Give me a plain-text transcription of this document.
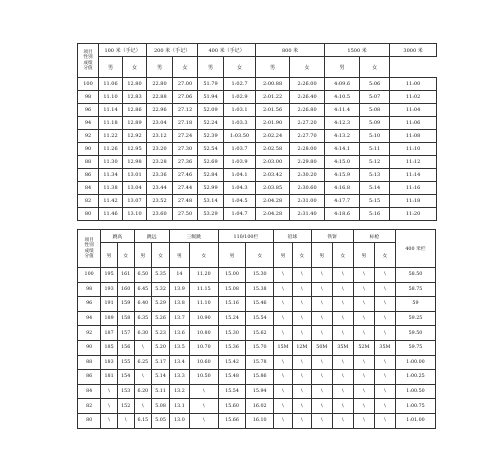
项目
性别
成绩
分值	100 米（手记）		200 米（手记）		400 米（手记）		800 米		1500 米		3000 米
	男	女	男	女	男	女	男	女	男	女	
100	11.06	12.80	22.80	27.00	51.79	1:02.7	2:00.88	2:26.00	4:09.6	5:06	11:00
98	11.10	12.83	22.88	27.06	51.94	1:02.9	2:01.22	2:26.40	4:10.5	5:07	11:02
96	11.14	12.86	22.96	27.12	52.09	1:03.1	2:01.56	2:26.80	4:11.4	5:08	11:04
94	11.18	12.89	23.04	27.18	52.24	1:03.3	2:01.90	2:27.20	4:12.3	5:09	11:06
92	11.22	12.92	23.12	27.24	52.39	1:03.50	2:02.24	2:27.70	4:13.2	5:10	11:08
90	11.26	12.95	23.20	27.30	52.54	1:03.7	2:02.58	2:28.00	4:14.1	5:11	11:10
88	11.30	12.98	23.28	27.36	52.69	1:03.9	2:03.00	2:29.80	4:15.0	5:12	11:12
86	11.34	13.01	23.36	27.46	52.84	1:04.1	2:03.42	2:30.20	4:15.9	5:13	11:14
84	11.38	13.04	23.44	27.44	52.99	1:04.3	2:03.85	2:30.60	4:16.8	5:14	11:16
82	11.42	13.07	23.52	27.48	53.14	1:04.5	2:04.28	2:31.00	4:17.7	5:15	11:18
80	11.46	13.10	23.60	27.50	53.29	1:04.7	2:04.28	2:31.40	4:18.6	5:16	11:20
项目
性别
成绩
分值	跳高		跳远		三级跳		110/100栏		铅球		铁饼		标枪		400 米栏
	男	女	男	女	男	女	男	女	男	女	男	女	男	女	
100	195	161	6.50	5.35	14	11.20	15.00	15.30	\	\	\	\	\	\	58.50
98	193	160	6.45	5.32	13.9	11.15	15.08	15.38	\	\	\	\	\	\	58.75
96	191	159	6.40	5.29	13.8	11.10	15.16	15.46	\	\	\	\	\	\	59
94	189	158	6.35	5.26	13.7	10.90	15.24	15.54	\	\	\	\	\	\	59.25
92	187	157	6.30	5.23	13.6	10.80	15.30	15.62	\	\	\	\	\	\	59.50
90	185	156	\	5.20	13.5	10.70	15.36	15.70	15M	12M	50M	35M	52M	35M	59.75
88	183	155	6.25	5.17	13.4	10.60	15.42	15.78	\	\	\	\	\	\	1:00.00
86	181	154	\	5.14	13.3	10.50	15.48	15.86	\	\	\	\	\	\	1:00.25
84	\	153	6.20	5.11	13.2	\	15.54	15.94	\	\	\	\	\	\	1:00.50
82	\	152	\	5.08	13.1	\	15.60	16.02	\	\	\	\	\	\	1:00.75
80	\	\	6.15	5.05	13.0	\	15.66	16.10	\	\	\	\	\	\	1:01.00
